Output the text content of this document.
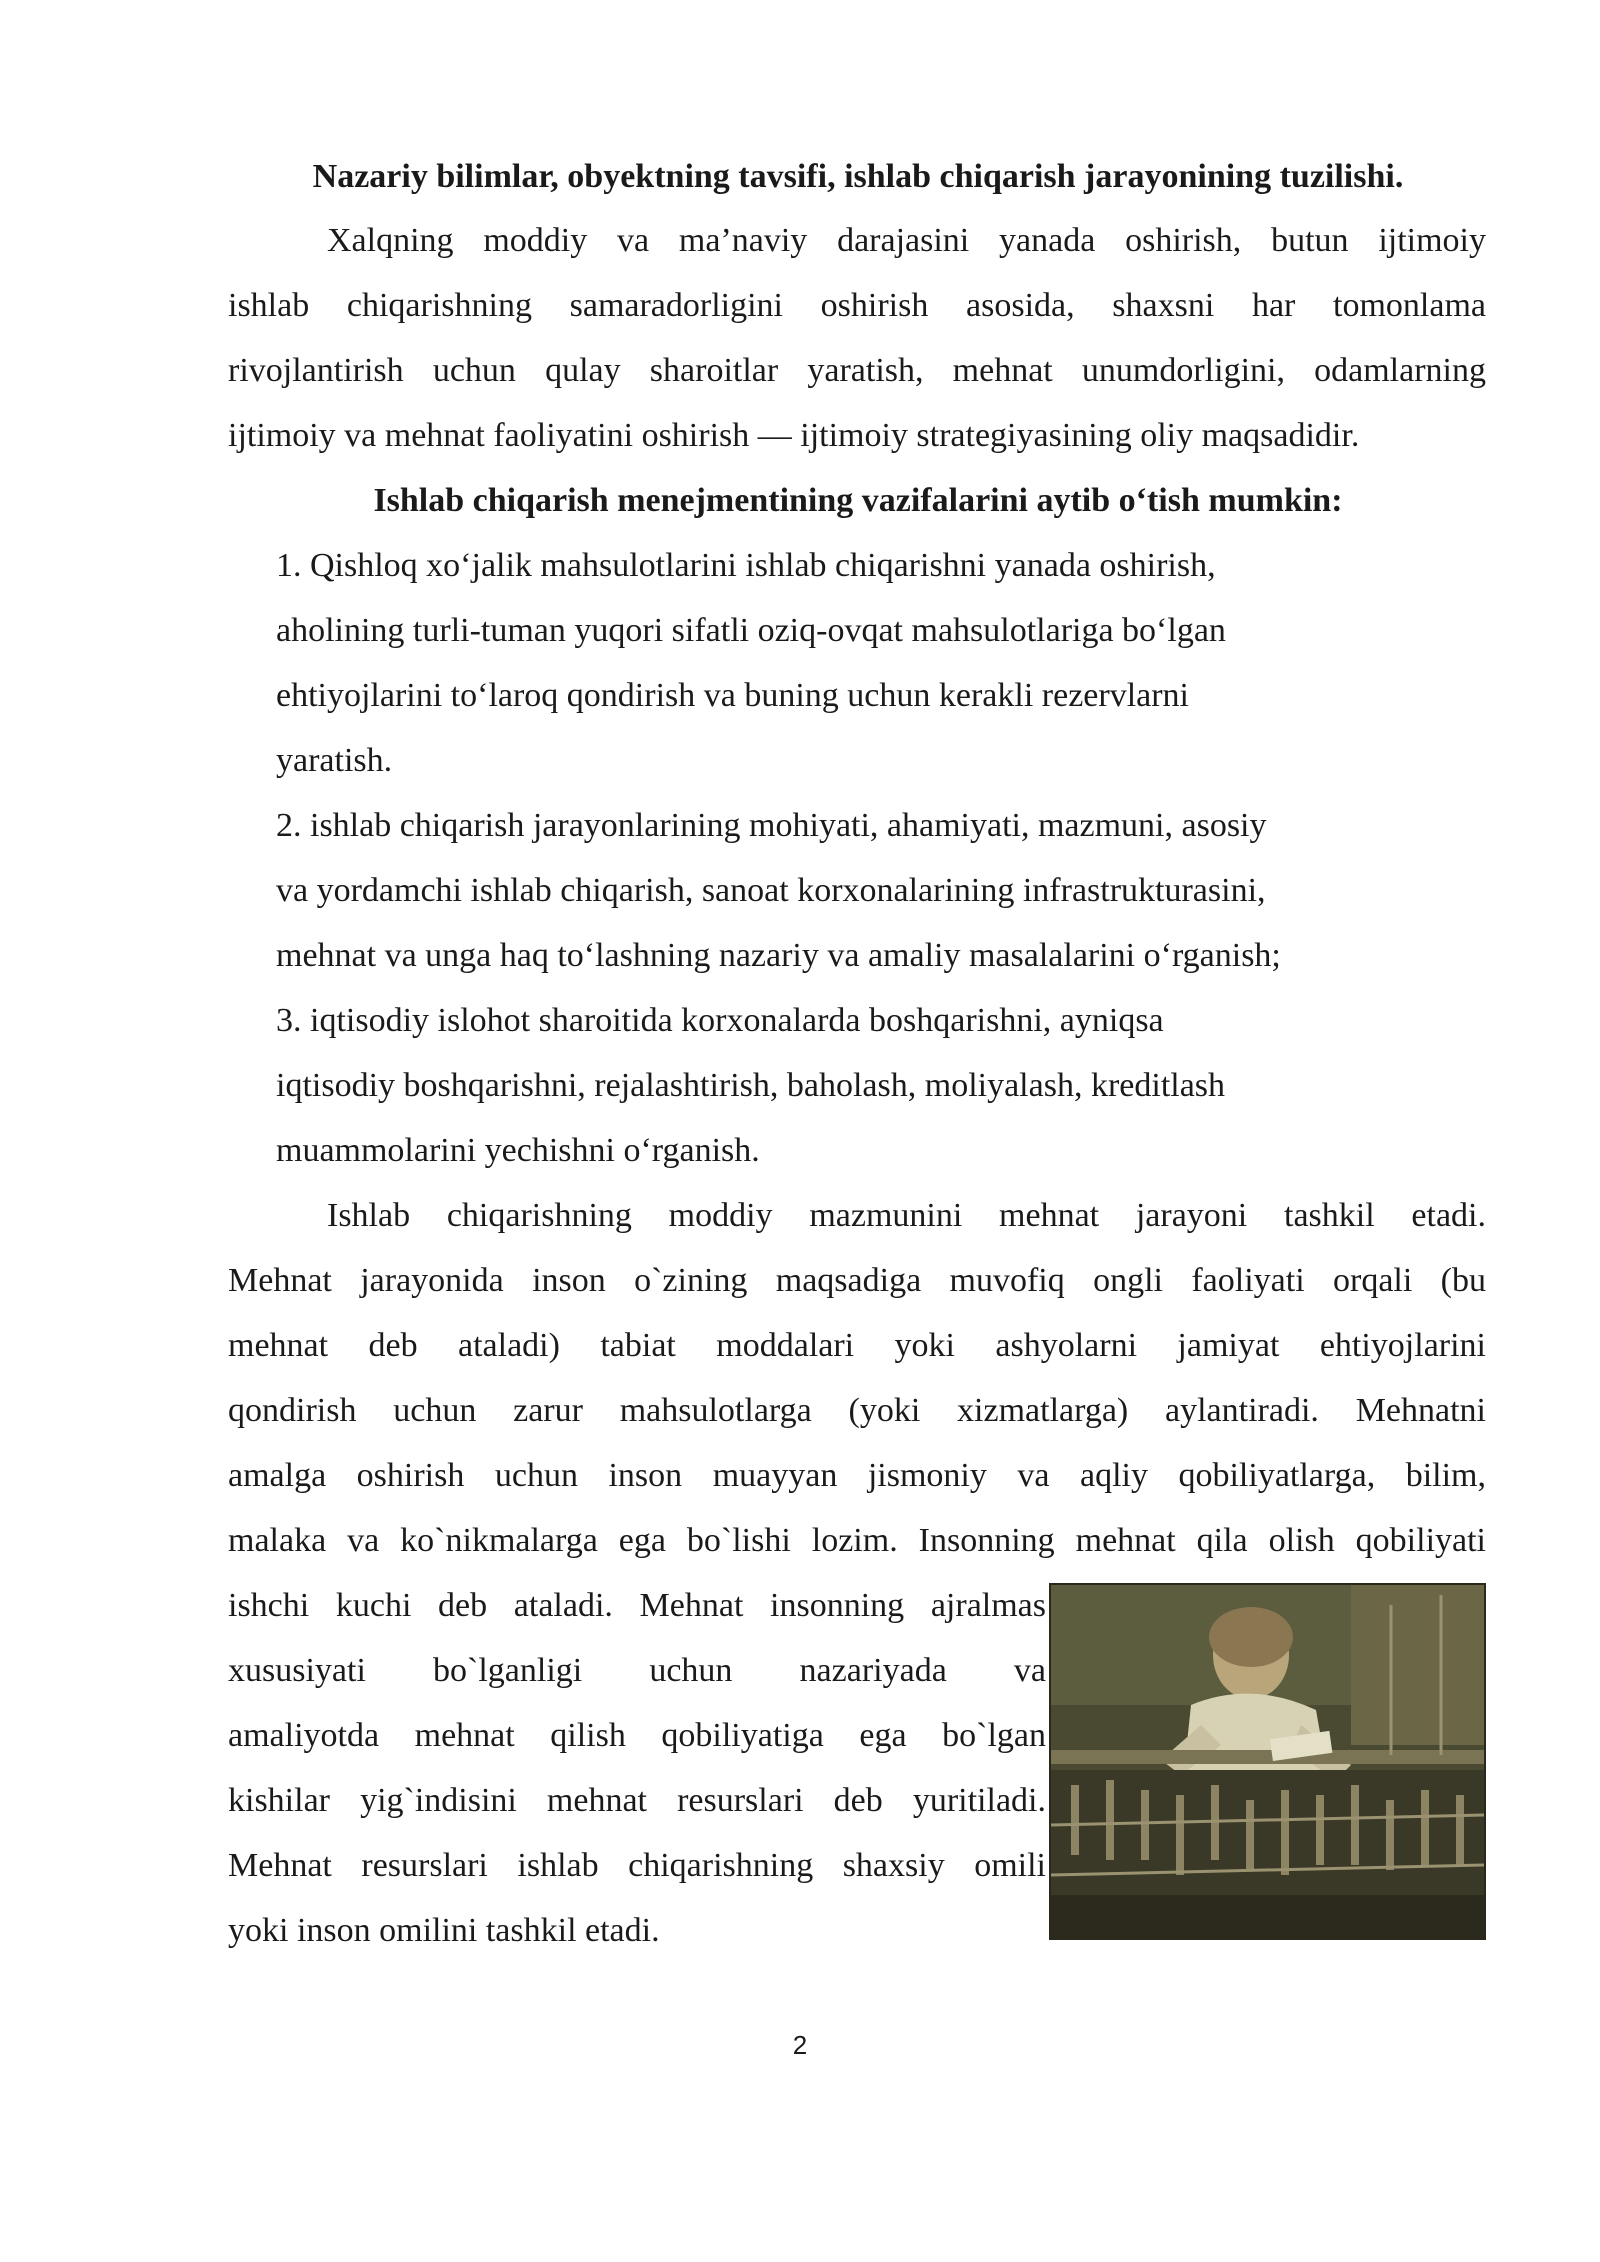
Nazariy bilimlar, obyektning tavsifi, ishlab chiqarish jarayonining tuzilishi.
Xalqning moddiy va ma’naviy darajasini yanada oshirish, butun ijtimoiy
ishlab chiqarishning samaradorligini oshirish asosida, shaxsni har tomonlama
rivojlantirish uchun qulay sharoitlar yaratish, mehnat unumdorligini, odamlarning
ijtimoiy va mehnat faoliyatini oshirish — ijtimoiy strategiyasining oliy maqsadidir.
Ishlab chiqarish menejmentining vazifalarini aytib o‘tish mumkin:
1. Qishloq xo‘jalik mahsulotlarini ishlab chiqarishni yanada oshirish,
aholining turli-tuman yuqori sifatli oziq-ovqat mahsulotlariga bo‘lgan
ehtiyojlarini to‘laroq qondirish va buning uchun kerakli rezervlarni
yaratish.
2. ishlab chiqarish jarayonlarining mohiyati, ahamiyati, mazmuni, asosiy
va yordamchi ishlab chiqarish, sanoat korxonalarining infrastrukturasini,
mehnat va unga haq to‘lashning nazariy va amaliy masalalarini o‘rganish;
3. iqtisodiy islohot sharoitida korxonalarda boshqarishni, ayniqsa
iqtisodiy boshqarishni, rejalashtirish, baholash, moliyalash, kreditlash
muammolarini yechishni o‘rganish.
Ishlab chiqarishning moddiy mazmunini mehnat jarayoni tashkil etadi.
Mehnat jarayonida inson o`zining maqsadiga muvofiq ongli faoliyati orqali (bu
mehnat deb ataladi) tabiat moddalari yoki ashyolarni jamiyat ehtiyojlarini
qondirish uchun zarur mahsulotlarga (yoki xizmatlarga) aylantiradi. Mehnatni
amalga oshirish uchun inson muayyan jismoniy va aqliy qobiliyatlarga, bilim,
malaka va ko`nikmalarga ega bo`lishi lozim. Insonning mehnat qila olish qobiliyati
ishchi kuchi deb ataladi. Mehnat insonning ajralmas
xususiyati bo`lganligi uchun nazariyada va
amaliyotda mehnat qilish qobiliyatiga ega bo`lgan
kishilar yig`indisini mehnat resurslari deb yuritiladi.
Mehnat resurslari ishlab chiqarishning shaxsiy omili
yoki inson omilini tashkil etadi.
2
